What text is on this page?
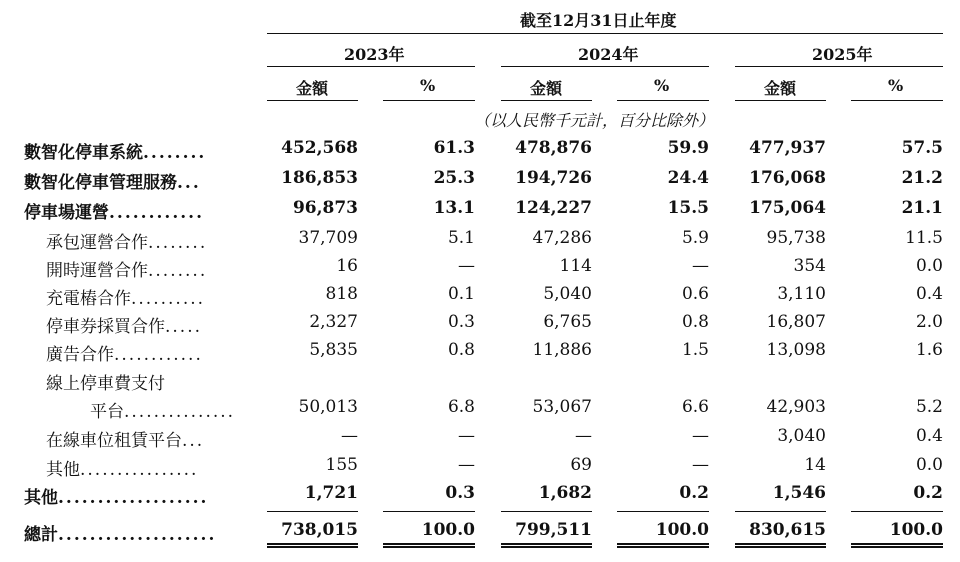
截至12月31日止年度
2023年	2024年	2025年
金額	%	金額	%	金額	%
（以人民幣千元計，百分比除外）
數智化停車系統........	452,568	61.3 478,876	59.9 477,937	57.5
數智化停車管理服務...	186,853	25.3 194,726	24.4 176,068	21.2
停車場運營............	96,873	13.1 124,227	15.5 175,064	21.1
承包運營合作........	37,709	5.1	47,286	5.9	95,738	11.5
開時運營合作........	16	—	114	—	354	0.0
充電樁合作..........	818	0.1	5,040	0.6	3,110	0.4
停車券採買合作.....	2,327	0.3	6,765	0.8	16,807	2.0
廣告合作............	5,835	0.8	11,886	1.5	13,098	1.6
線上停車費支付
平台...............	50,013	6.8	53,067	6.6	42,903	5.2
在線車位租賃平台...	—	—	—	—	3,040	0.4
其他................	155	—	69	—	14	0.0
其他...................	1,721	0.3	1,682	0.2	1,546	0.2
總計....................	738,015	100.0 799,511	100.0 830,615	100.0
